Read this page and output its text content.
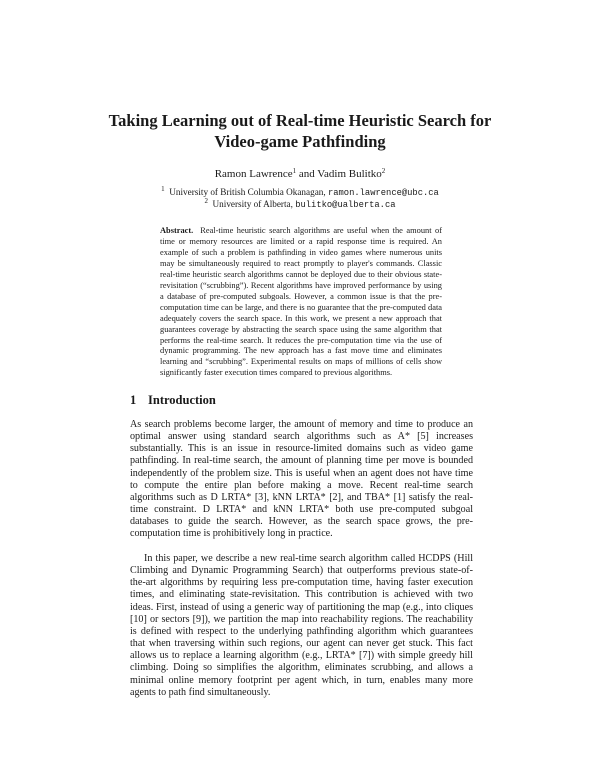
Taking Learning out of Real-time Heuristic Search for
Video-game Pathfinding
Ramon Lawrence$^1$ and Vadim Bulitko$^2$
$^1$ University of British Columbia Okanagan, ramon.lawrence@ubc.ca
$^2$ University of Alberta, bulitko@ualberta.ca
Abstract. Real-time heuristic search algorithms are useful when the amount of time or memory resources are limited or a rapid response time is required. An example of such a problem is pathfinding in video games where numerous units may be simultaneously required to react promptly to player's commands. Classic real-time heuristic search algorithms cannot be deployed due to their obvious state-revisitation (“scrubbing”). Recent algorithms have improved performance by using a database of pre-computed subgoals. However, a common issue is that the pre-computation time can be large, and there is no guarantee that the pre-computed data adequately covers the search space. In this work, we present a new approach that guarantees coverage by abstracting the search space using the same algorithm that performs the real-time search. It reduces the pre-computation time via the use of dynamic programming. The new approach has a fast move time and eliminates learning and “scrubbing”. Experimental results on maps of millions of cells show significantly faster execution times compared to previous algorithms.
1 Introduction
As search problems become larger, the amount of memory and time to produce an optimal answer using standard search algorithms such as A* [5] increases substantially. This is an issue in resource-limited domains such as video game pathfinding. In real-time search, the amount of planning time per move is bounded independently of the problem size. This is useful when an agent does not have time to compute the entire plan before making a move. Recent real-time search algorithms such as D LRTA* [3], kNN LRTA* [2], and TBA* [1] satisfy the real-time constraint. D LRTA* and kNN LRTA* both use pre-computed subgoal databases to guide the search. However, as the search space grows, the pre-computation time is prohibitively long in practice.
In this paper, we describe a new real-time search algorithm called HCDPS (Hill Climbing and Dynamic Programming Search) that outperforms previous state-of-the-art algorithms by requiring less pre-computation time, having faster execution times, and eliminating state-revisitation. This contribution is achieved with two ideas. First, instead of using a generic way of partitioning the map (e.g., into cliques [10] or sectors [9]), we partition the map into reachability regions. The reachability is defined with respect to the underlying pathfinding algorithm which guarantees that when traversing within such regions, our agent can never get stuck. This fact allows us to replace a learning algorithm (e.g., LRTA* [7]) with simple greedy hill climbing. Doing so simplifies the algorithm, eliminates scrubbing, and allows a minimal online memory footprint per agent which, in turn, enables many more agents to path find simultaneously.
